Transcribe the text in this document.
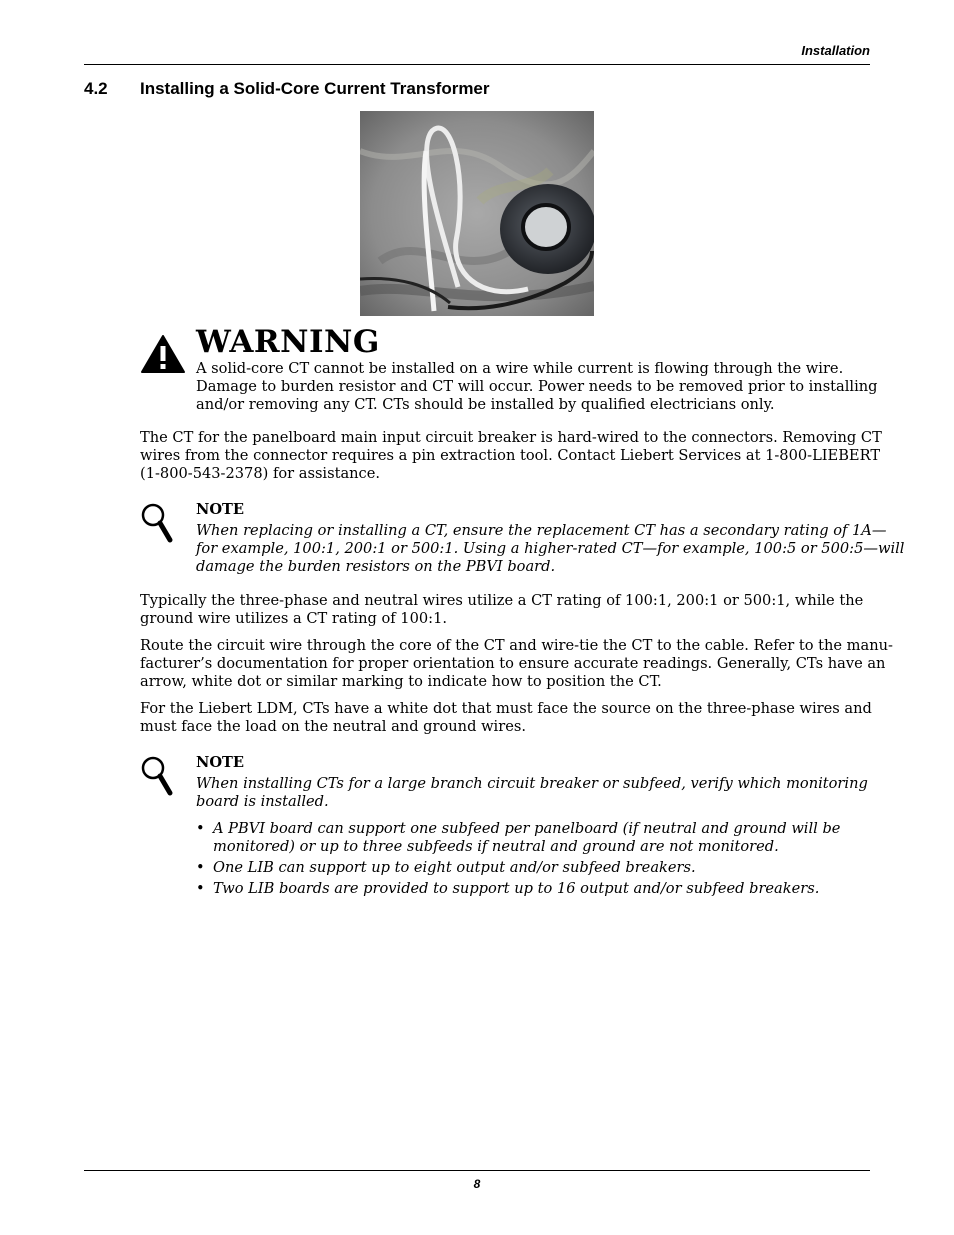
Installation
4.2 Installing a Solid-Core Current Transformer
WARNING
A solid-core CT cannot be installed on a wire while current is flowing through the wire.
Damage to burden resistor and CT will occur. Power needs to be removed prior to installing
and/or removing any CT. CTs should be installed by qualified electricians only.
The CT for the panelboard main input circuit breaker is hard-wired to the connectors. Removing CT
wires from the connector requires a pin extraction tool. Contact Liebert Services at 1-800-LIEBERT
(1-800-543-2378) for assistance.
NOTE
When replacing or installing a CT, ensure the replacement CT has a secondary rating of 1A—
for example, 100:1, 200:1 or 500:1. Using a higher-rated CT—for example, 100:5 or 500:5—will
damage the burden resistors on the PBVI board.
Typically the three-phase and neutral wires utilize a CT rating of 100:1, 200:1 or 500:1, while the
ground wire utilizes a CT rating of 100:1.
Route the circuit wire through the core of the CT and wire-tie the CT to the cable. Refer to the manu-
facturer’s documentation for proper orientation to ensure accurate readings. Generally, CTs have an
arrow, white dot or similar marking to indicate how to position the CT.
For the Liebert LDM, CTs have a white dot that must face the source on the three-phase wires and
must face the load on the neutral and ground wires.
NOTE
When installing CTs for a large branch circuit breaker or subfeed, verify which monitoring
board is installed.
• A PBVI board can support one subfeed per panelboard (if neutral and ground will be
monitored) or up to three subfeeds if neutral and ground are not monitored.
• One LIB can support up to eight output and/or subfeed breakers.
• Two LIB boards are provided to support up to 16 output and/or subfeed breakers.
8
